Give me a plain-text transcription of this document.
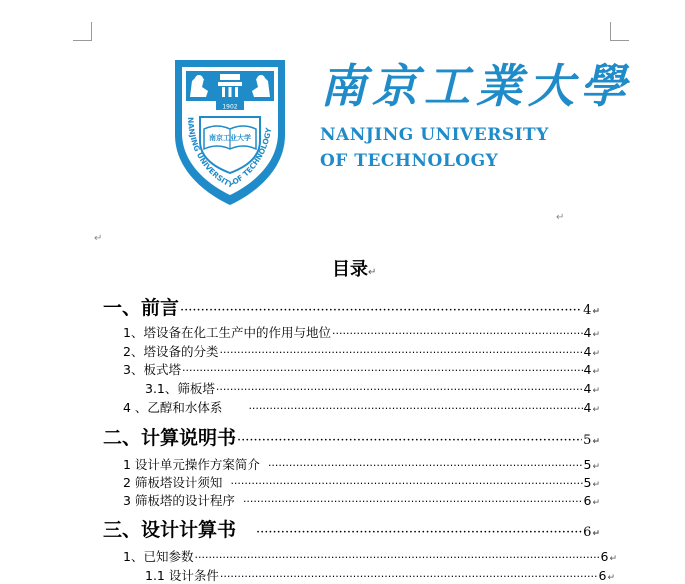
1902
南京工业大学
NANJING UNIVERSITY OF TECHNOLOGY
南京工業大學
NANJING UNIVERSITY
OF TECHNOLOGY
↵
↵
目录↵
一、前言 ·····	4 ↵
1、塔设备在化工生产中的作用与地位 ·····	4 ↵
2、塔设备的分类 ·····	4 ↵
3、板式塔 ·····	4 ↵
3.1、筛板塔 ·····	4 ↵
4 、乙醇和水体系 ·····	4 ↵
二、计算说明书 ·····	5 ↵
1 设计单元操作方案简介 ·····	5 ↵
2 筛板塔设计须知 ·····	5 ↵
3 筛板塔的设计程序 ·····	6 ↵
三、设计计算书 ·····	6 ↵
1、已知参数 ·····	6 ↵
1.1 设计条件 ·····	6 ↵
